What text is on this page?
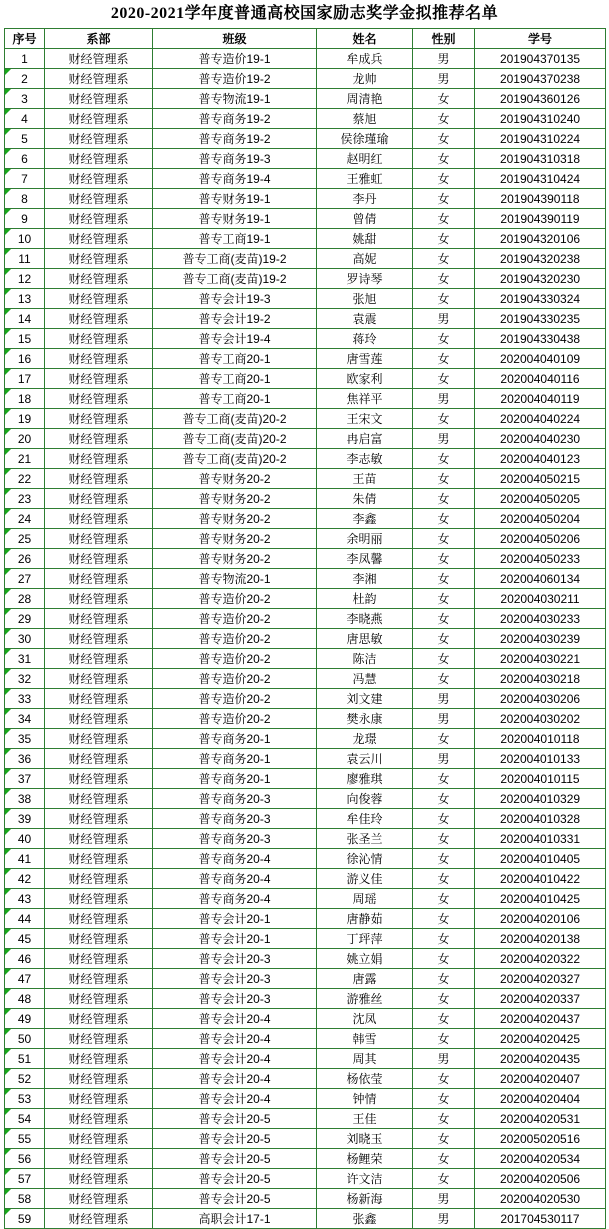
2020-2021学年度普通高校国家励志奖学金拟推荐名单
序号	系部	班级	姓名	性别	学号
1	财经管理系	普专造价19-1	牟成兵	男	201904370135
2	财经管理系	普专造价19-2	龙帅	男	201904370238
3	财经管理系	普专物流19-1	周清艳	女	201904360126
4	财经管理系	普专商务19-2	蔡旭	女	201904310240
5	财经管理系	普专商务19-2	侯徐瑾瑜	女	201904310224
6	财经管理系	普专商务19-3	赵明红	女	201904310318
7	财经管理系	普专商务19-4	王雅虹	女	201904310424
8	财经管理系	普专财务19-1	李丹	女	201904390118
9	财经管理系	普专财务19-1	曾倩	女	201904390119
10	财经管理系	普专工商19-1	姚甜	女	201904320106
11	财经管理系	普专工商(麦苗)19-2	高妮	女	201904320238
12	财经管理系	普专工商(麦苗)19-2	罗诗琴	女	201904320230
13	财经管理系	普专会计19-3	张旭	女	201904330324
14	财经管理系	普专会计19-2	袁震	男	201904330235
15	财经管理系	普专会计19-4	蒋玲	女	201904330438
16	财经管理系	普专工商20-1	唐雪莲	女	202004040109
17	财经管理系	普专工商20-1	欧家利	女	202004040116
18	财经管理系	普专工商20-1	焦祥平	男	202004040119
19	财经管理系	普专工商(麦苗)20-2	王宋文	女	202004040224
20	财经管理系	普专工商(麦苗)20-2	冉启富	男	202004040230
21	财经管理系	普专工商(麦苗)20-2	李志敏	女	202004040123
22	财经管理系	普专财务20-2	王苗	女	202004050215
23	财经管理系	普专财务20-2	朱倩	女	202004050205
24	财经管理系	普专财务20-2	李鑫	女	202004050204
25	财经管理系	普专财务20-2	余明丽	女	202004050206
26	财经管理系	普专财务20-2	李凤馨	女	202004050233
27	财经管理系	普专物流20-1	李湘	女	202004060134
28	财经管理系	普专造价20-2	杜韵	女	202004030211
29	财经管理系	普专造价20-2	李晓燕	女	202004030233
30	财经管理系	普专造价20-2	唐思敏	女	202004030239
31	财经管理系	普专造价20-2	陈洁	女	202004030221
32	财经管理系	普专造价20-2	冯慧	女	202004030218
33	财经管理系	普专造价20-2	刘文建	男	202004030206
34	财经管理系	普专造价20-2	樊永康	男	202004030202
35	财经管理系	普专商务20-1	龙璟	女	202004010118
36	财经管理系	普专商务20-1	袁云川	男	202004010133
37	财经管理系	普专商务20-1	廖雅琪	女	202004010115
38	财经管理系	普专商务20-3	向俊蓉	女	202004010329
39	财经管理系	普专商务20-3	牟佳玲	女	202004010328
40	财经管理系	普专商务20-3	张圣兰	女	202004010331
41	财经管理系	普专商务20-4	徐沁情	女	202004010405
42	财经管理系	普专商务20-4	游义佳	女	202004010422
43	财经管理系	普专商务20-4	周瑶	女	202004010425
44	财经管理系	普专会计20-1	唐静茹	女	202004020106
45	财经管理系	普专会计20-1	丁玶萍	女	202004020138
46	财经管理系	普专会计20-3	姚立娟	女	202004020322
47	财经管理系	普专会计20-3	唐露	女	202004020327
48	财经管理系	普专会计20-3	游雅丝	女	202004020337
49	财经管理系	普专会计20-4	沈凤	女	202004020437
50	财经管理系	普专会计20-4	韩雪	女	202004020425
51	财经管理系	普专会计20-4	周其	男	202004020435
52	财经管理系	普专会计20-4	杨依莹	女	202004020407
53	财经管理系	普专会计20-4	钟情	女	202004020404
54	财经管理系	普专会计20-5	王佳	女	202004020531
55	财经管理系	普专会计20-5	刘晓玉	女	202005020516
56	财经管理系	普专会计20-5	杨鲤荣	女	202004020534
57	财经管理系	普专会计20-5	许文洁	女	202004020506
58	财经管理系	普专会计20-5	杨新海	男	202004020530
59	财经管理系	高职会计17-1	张鑫	男	201704530117
